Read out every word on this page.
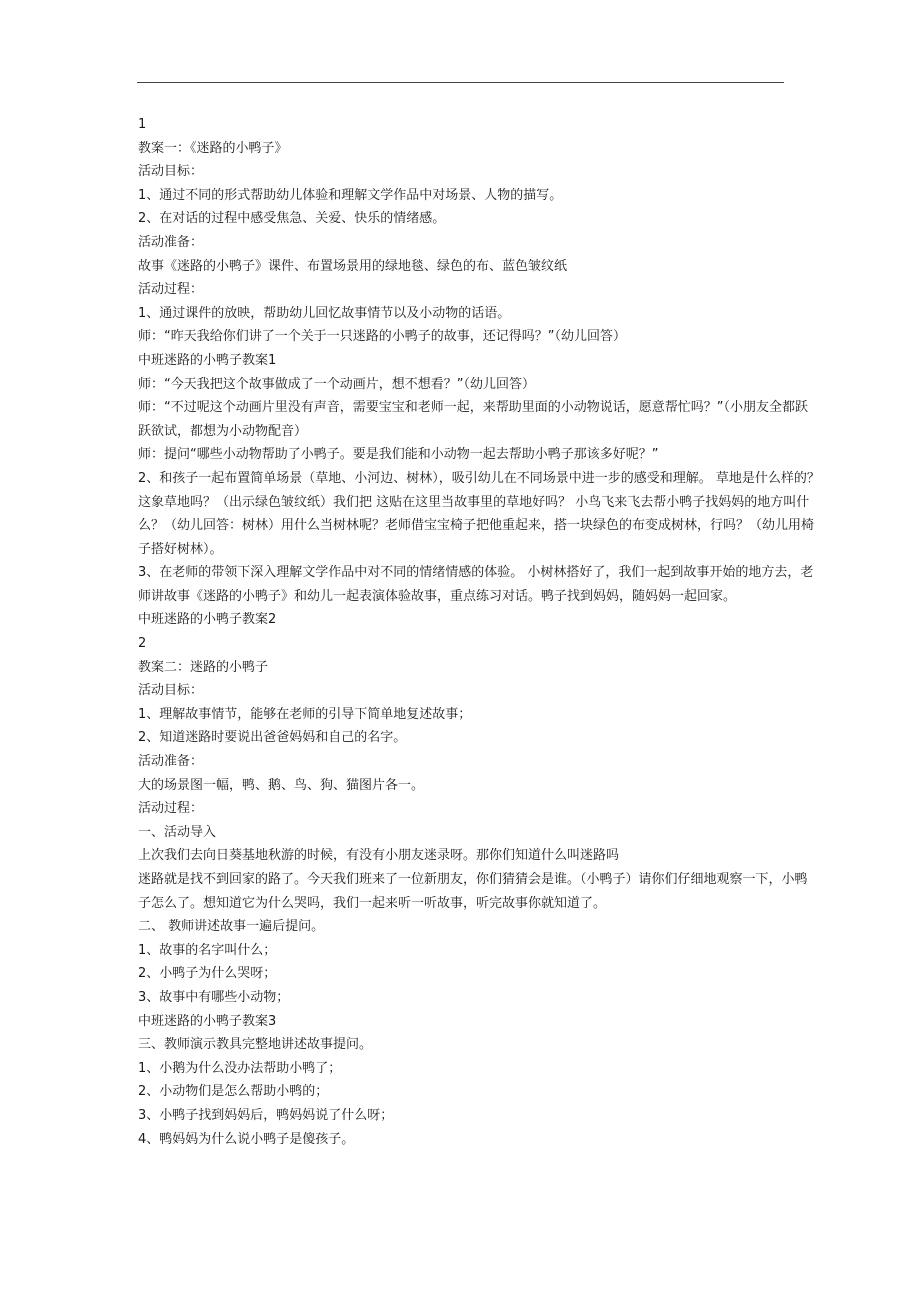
1
教案一：《迷路的小鸭子》
活动目标：
1、通过不同的形式帮助幼儿体验和理解文学作品中对场景、人物的描写。
2、在对话的过程中感受焦急、关爱、快乐的情绪感。
活动准备：
故事《迷路的小鸭子》课件、布置场景用的绿地毯、绿色的布、蓝色皱纹纸
活动过程：
1、通过课件的放映，帮助幼儿回忆故事情节以及小动物的话语。
师：“昨天我给你们讲了一个关于一只迷路的小鸭子的故事，还记得吗？”（幼儿回答）
中班迷路的小鸭子教案1
师：“今天我把这个故事做成了一个动画片，想不想看？”（幼儿回答）
师：“不过呢这个动画片里没有声音，需要宝宝和老师一起，来帮助里面的小动物说话，愿意帮忙吗？”（小朋友全都跃
跃欲试，都想为小动物配音）
师：提问“哪些小动物帮助了小鸭子。要是我们能和小动物一起去帮助小鸭子那该多好呢？”
2、和孩子一起布置简单场景（草地、小河边、树林），吸引幼儿在不同场景中进一步的感受和理解。 草地是什么样的？
这象草地吗？（出示绿色皱纹纸）我们把 这贴在这里当故事里的草地好吗？ 小鸟飞来飞去帮小鸭子找妈妈的地方叫什
么？（幼儿回答：树林）用什么当树林呢？老师借宝宝椅子把他重起来，搭一块绿色的布变成树林，行吗？（幼儿用椅
子搭好树林）。
3、在老师的带领下深入理解文学作品中对不同的情绪情感的体验。 小树林搭好了，我们一起到故事开始的地方去，老
师讲故事《迷路的小鸭子》和幼儿一起表演体验故事，重点练习对话。鸭子找到妈妈，随妈妈一起回家。
中班迷路的小鸭子教案2
2
教案二：迷路的小鸭子
活动目标：
1、理解故事情节，能够在老师的引导下简单地复述故事；
2、知道迷路时要说出爸爸妈妈和自己的名字。
活动准备：
大的场景图一幅，鸭、鹅、鸟、狗、猫图片各一。
活动过程：
一、活动导入
上次我们去向日葵基地秋游的时候，有没有小朋友迷录呀。那你们知道什么叫迷路吗
迷路就是找不到回家的路了。今天我们班来了一位新朋友，你们猜猜会是谁。（小鸭子）请你们仔细地观察一下，小鸭
子怎么了。想知道它为什么哭吗，我们一起来听一听故事，听完故事你就知道了。
二、 教师讲述故事一遍后提问。
1、故事的名字叫什么；
2、小鸭子为什么哭呀；
3、故事中有哪些小动物；
中班迷路的小鸭子教案3
三、教师演示教具完整地讲述故事提问。
1、小鹅为什么没办法帮助小鸭了；
2、小动物们是怎么帮助小鸭的；
3、小鸭子找到妈妈后，鸭妈妈说了什么呀；
4、鸭妈妈为什么说小鸭子是傻孩子。
